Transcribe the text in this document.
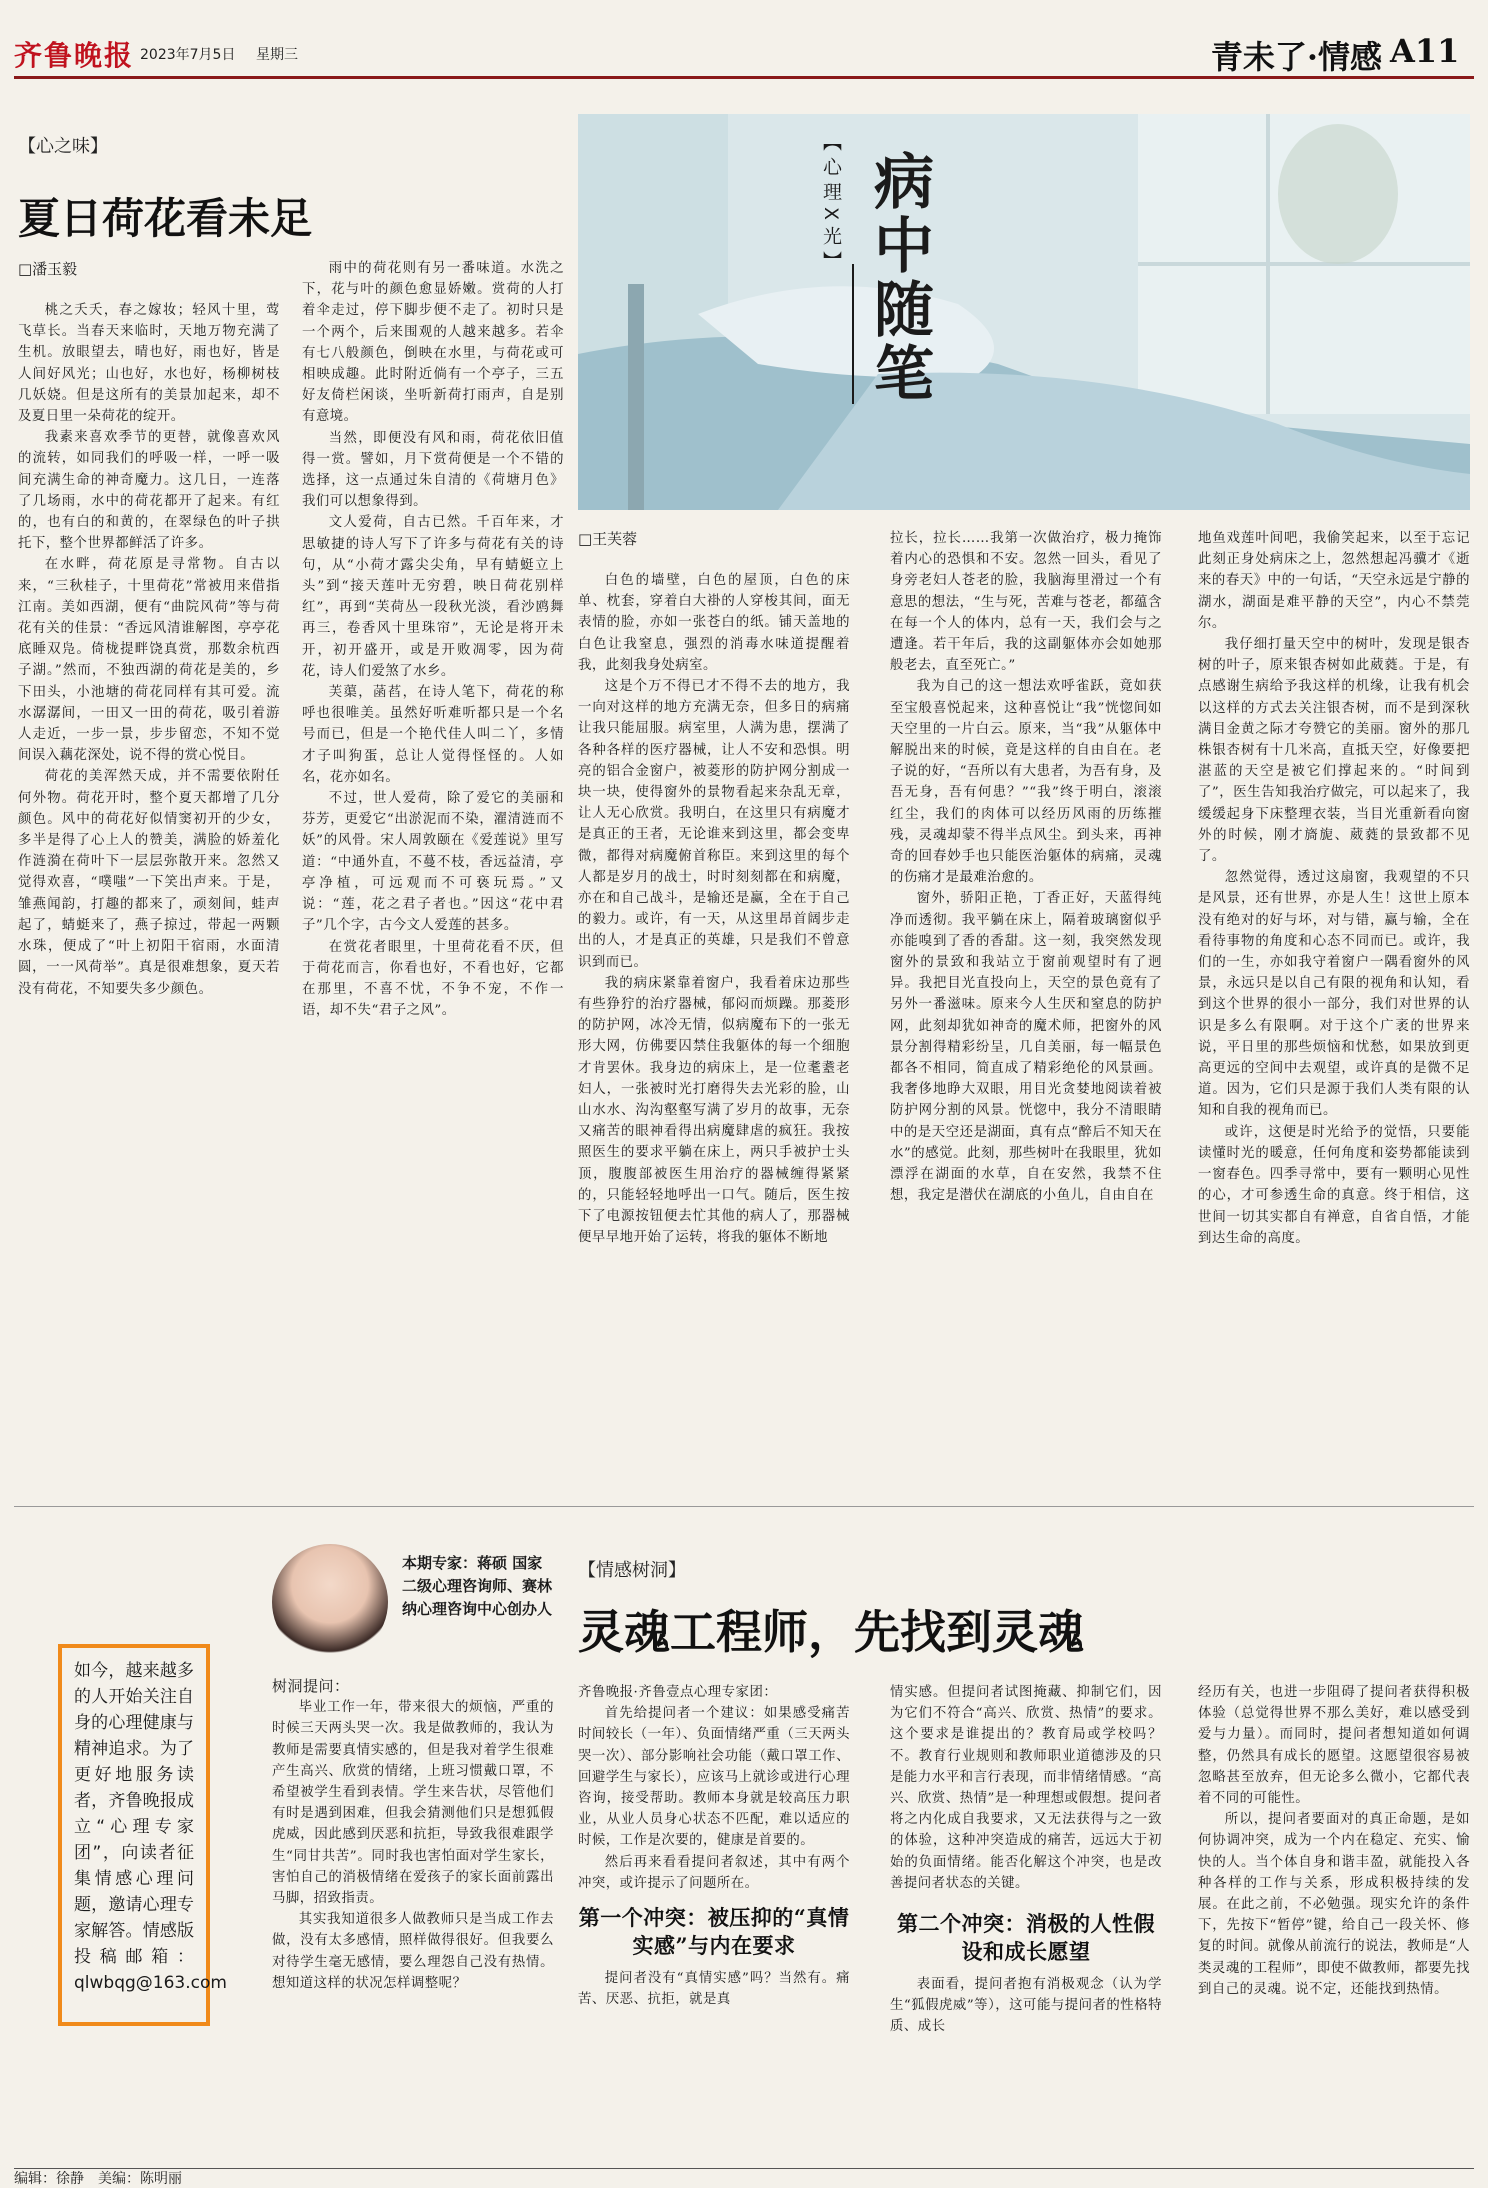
齐鲁晚报 2023年7月5日 星期三	青未了·情感 A11
【心之味】
夏日荷花看未足
□潘玉毅

桃之夭夭，春之嫁妆；轻风十里，莺飞草长。当春天来临时，天地万物充满了生机。放眼望去，晴也好，雨也好，皆是人间好风光；山也好，水也好，杨柳树枝几妖娆。但是这所有的美景加起来，却不及夏日里一朵荷花的绽开。

我素来喜欢季节的更替，就像喜欢风的流转，如同我们的呼吸一样，一呼一吸间充满生命的神奇魔力。这几日，一连落了几场雨，水中的荷花都开了起来。有红的，也有白的和黄的，在翠绿色的叶子拱托下，整个世界都鲜活了许多。

在水畔，荷花原是寻常物。自古以来，“三秋桂子，十里荷花”常被用来借指江南。美如西湖，便有“曲院风荷”等与荷花有关的佳景：“香远风清谁解图，亭亭花底睡双凫。倚栊提畔饶真赏，那数余杭西子湖。”然而，不独西湖的荷花是美的，乡下田头，小池塘的荷花同样有其可爱。流水潺潺间，一田又一田的荷花，吸引着游人走近，一步一景，步步留恋，不知不觉间误入藕花深处，说不得的赏心悦目。

荷花的美浑然天成，并不需要依附任何外物。荷花开时，整个夏天都增了几分颜色。风中的荷花好似情窦初开的少女，多半是得了心上人的赞美，满脸的娇羞化作涟漪在荷叶下一层层弥散开来。忽然又觉得欢喜，“噗嗤”一下笑出声来。于是，雏燕闻韵，打趣的都来了，顽刻间，蛙声起了，蜻蜓来了，燕子掠过，带起一两颗水珠，便成了“叶上初阳干宿雨，水面清圆，一一风荷举”。真是很难想象，夏天若没有荷花，不知要失多少颜色。

雨中的荷花则有另一番味道。水洗之下，花与叶的颜色愈显娇嫩。赏荷的人打着伞走过，停下脚步便不走了。初时只是一个两个，后来围观的人越来越多。若伞有七八般颜色，倒映在水里，与荷花或可相映成趣。此时附近倘有一个亭子，三五好友倚栏闲谈，坐听新荷打雨声，自是别有意境。

当然，即便没有风和雨，荷花依旧值得一赏。譬如，月下赏荷便是一个不错的选择，这一点通过朱自清的《荷塘月色》我们可以想象得到。

文人爱荷，自古已然。千百年来，才思敏捷的诗人写下了许多与荷花有关的诗句，从“小荷才露尖尖角，早有蜻蜓立上头”到“接天莲叶无穷碧，映日荷花别样红”，再到“芙荷丛一段秋光淡，看沙鸥舞再三，卷香风十里珠帘”，无论是将开未开，初开盛开，或是开败凋零，因为荷花，诗人们爱煞了水乡。

芙蕖，菡萏，在诗人笔下，荷花的称呼也很唯美。虽然好听难听都只是一个名号而已，但是一个艳代佳人叫二丫，多情才子叫狗蛋，总让人觉得怪怪的。人如名，花亦如名。

不过，世人爱荷，除了爱它的美丽和芬芳，更爱它“出淤泥而不染，濯清涟而不妖”的风骨。宋人周敦颐在《爱莲说》里写道：“中通外直，不蔓不枝，香远益清，亭亭净植，可远观而不可亵玩焉。”又说：“莲，花之君子者也。”因这“花中君子”几个字，古今文人爱莲的甚多。

在赏花者眼里，十里荷花看不厌，但于荷花而言，你看也好，不看也好，它都在那里，不喜不忧，不争不宠，不作一语，却不失“君子之风”。

【心理X光】 病中随笔
□王芙蓉

白色的墙壁，白色的屋顶，白色的床单、枕套，穿着白大褂的人穿梭其间，面无表情的脸，亦如一张苍白的纸。铺天盖地的白色让我窒息，强烈的消毒水味道提醒着我，此刻我身处病室。

这是个万不得已才不得不去的地方，我一向对这样的地方充满无奈，但多日的病痛让我只能屈服。病室里，人满为患，摆满了各种各样的医疗器械，让人不安和恐惧。明亮的铝合金窗户，被菱形的防护网分割成一块一块，使得窗外的景物看起来杂乱无章，让人无心欣赏。我明白，在这里只有病魔才是真正的王者，无论谁来到这里，都会变卑微，都得对病魔俯首称臣。来到这里的每个人都是岁月的战士，时时刻刻都在和病魔，亦在和自己战斗，是输还是赢，全在于自己的毅力。或许，有一天，从这里昂首阔步走出的人，才是真正的英雄，只是我们不曾意识到而已。

我的病床紧靠着窗户，我看着床边那些有些狰狞的治疗器械，郁闷而烦躁。那菱形的防护网，冰冷无情，似病魔布下的一张无形大网，仿佛要囚禁住我躯体的每一个细胞才肯罢休。我身边的病床上，是一位耄耋老妇人，一张被时光打磨得失去光彩的脸，山山水水、沟沟壑壑写满了岁月的故事，无奈又痛苦的眼神看得出病魔肆虐的疯狂。我按照医生的要求平躺在床上，两只手被护士头顶，腹腹部被医生用治疗的器械缠得紧紧的，只能轻轻地呼出一口气。随后，医生按下了电源按钮便去忙其他的病人了，那器械便早早地开始了运转，将我的躯体不断地

拉长，拉长……我第一次做治疗，极力掩饰着内心的恐惧和不安。忽然一回头，看见了身旁老妇人苍老的脸，我脑海里滑过一个有意思的想法，“生与死，苦难与苍老，都蕴含在每一个人的体内，总有一天，我们会与之遭逢。若干年后，我的这副躯体亦会如她那般老去，直至死亡。”

我为自己的这一想法欢呼雀跃，竟如获至宝般喜悦起来，这种喜悦让“我”恍惚间如天空里的一片白云。原来，当“我”从躯体中解脱出来的时候，竟是这样的自由自在。老子说的好，“吾所以有大患者，为吾有身，及吾无身，吾有何患？”“我”终于明白，滚滚红尘，我们的肉体可以经历风雨的历练摧残，灵魂却蒙不得半点风尘。到头来，再神奇的回春妙手也只能医治躯体的病痛，灵魂的伤痛才是最难治愈的。

窗外，骄阳正艳，丁香正好，天蓝得纯净而透彻。我平躺在床上，隔着玻璃窗似乎亦能嗅到了香的香甜。这一刻，我突然发现窗外的景致和我站立于窗前观望时有了迥异。我把目光直投向上，天空的景色竟有了另外一番滋味。原来今人生厌和窒息的防护网，此刻却犹如神奇的魔术师，把窗外的风景分割得精彩纷呈，几自美丽，每一幅景色都各不相同，简直成了精彩绝伦的风景画。我奢侈地睁大双眼，用目光贪婪地阅读着被防护网分割的风景。恍惚中，我分不清眼睛中的是天空还是湖面，真有点“醉后不知天在水”的感觉。此刻，那些树叶在我眼里，犹如漂浮在湖面的水草，自在安然，我禁不住想，我定是潜伏在湖底的小鱼儿，自由自在

地鱼戏莲叶间吧，我偷笑起来，以至于忘记此刻正身处病床之上，忽然想起冯骥才《逝来的春天》中的一句话，“天空永远是宁静的湖水，湖面是难平静的天空”，内心不禁莞尔。

我仔细打量天空中的树叶，发现是银杏树的叶子，原来银杏树如此葳蕤。于是，有点感谢生病给予我这样的机缘，让我有机会以这样的方式去关注银杏树，而不是到深秋满目金黄之际才夸赞它的美丽。窗外的那几株银杏树有十几米高，直抵天空，好像要把湛蓝的天空是被它们撑起来的。“时间到了”，医生告知我治疗做完，可以起来了，我缓缓起身下床整理衣装，当目光重新看向窗外的时候，刚才旖旎、葳蕤的景致都不见了。

忽然觉得，透过这扇窗，我观望的不只是风景，还有世界，亦是人生！这世上原本没有绝对的好与坏，对与错，赢与输，全在看待事物的角度和心态不同而已。或许，我们的一生，亦如我守着窗户一隅看窗外的风景，永远只是以自己有限的视角和认知，看到这个世界的很小一部分，我们对世界的认识是多么有限啊。对于这个广袤的世界来说，平日里的那些烦恼和忧愁，如果放到更高更远的空间中去观望，或许真的是微不足道。因为，它们只是源于我们人类有限的认知和自我的视角而已。

或许，这便是时光给予的觉悟，只要能读懂时光的暖意，任何角度和姿势都能读到一窗春色。四季寻常中，要有一颗明心见性的心，才可参透生命的真意。终于相信，这世间一切其实都自有禅意，自省自悟，才能到达生命的高度。

本期专家：蒋硕 国家二级心理咨询师、赛林纳心理咨询中心创办人
【情感树洞】
灵魂工程师，先找到灵魂
如今，越来越多的人开始关注自身的心理健康与精神追求。为了更好地服务读者，齐鲁晚报成立“心理专家团”，向读者征集情感心理问题，邀请心理专家解答。情感版投稿邮箱：qlwbqg@163.com

树洞提问：

毕业工作一年，带来很大的烦恼，严重的时候三天两头哭一次。我是做教师的，我认为教师是需要真情实感的，但是我对着学生很难产生高兴、欣赏的情绪，上班习惯戴口罩，不希望被学生看到表情。学生来告状，尽管他们有时是遇到困难，但我会猜测他们只是想狐假虎威，因此感到厌恶和抗拒，导致我很难跟学生“同甘共苦”。同时我也害怕面对学生家长，害怕自己的消极情绪在爱孩子的家长面前露出马脚，招致指责。

其实我知道很多人做教师只是当成工作去做，没有太多感情，照样做得很好。但我要么对待学生毫无感情，要么理怨自己没有热情。想知道这样的状况怎样调整呢？

齐鲁晚报·齐鲁壹点心理专家团：

首先给提问者一个建议：如果感受痛苦时间较长（一年）、负面情绪严重（三天两头哭一次）、部分影响社会功能（戴口罩工作、回避学生与家长），应该马上就诊或进行心理咨询，接受帮助。教师本身就是较高压力职业，从业人员身心状态不匹配，难以适应的时候，工作是次要的，健康是首要的。

然后再来看看提问者叙述，其中有两个冲突，或许提示了问题所在。

第一个冲突：被压抑的“真情实感”与内在要求

提问者没有“真情实感”吗？当然有。痛苦、厌恶、抗拒，就是真

情实感。但提问者试图掩藏、抑制它们，因为它们不符合“高兴、欣赏、热情”的要求。这个要求是谁提出的？教育局或学校吗？不。教育行业规则和教师职业道德涉及的只是能力水平和言行表现，而非情绪情感。“高兴、欣赏、热情”是一种理想或假想。提问者将之内化成自我要求，又无法获得与之一致的体验，这种冲突造成的痛苦，远远大于初始的负面情绪。能否化解这个冲突，也是改善提问者状态的关键。

第二个冲突：消极的人性假设和成长愿望

表面看，提问者抱有消极观念（认为学生“狐假虎威”等），这可能与提问者的性格特质、成长

经历有关，也进一步阻碍了提问者获得积极体验（总觉得世界不那么美好，难以感受到爱与力量）。而同时，提问者想知道如何调整，仍然具有成长的愿望。这愿望很容易被忽略甚至放弃，但无论多么微小，它都代表着不同的可能性。

所以，提问者要面对的真正命题，是如何协调冲突，成为一个内在稳定、充实、愉快的人。当个体自身和谐丰盈，就能投入各种各样的工作与关系，形成积极持续的发展。在此之前，不必勉强。现实允许的条件下，先按下“暂停”键，给自己一段关怀、修复的时间。就像从前流行的说法，教师是“人类灵魂的工程师”，即使不做教师，都要先找到自己的灵魂。说不定，还能找到热情。

编辑：徐静　美编：陈明丽
